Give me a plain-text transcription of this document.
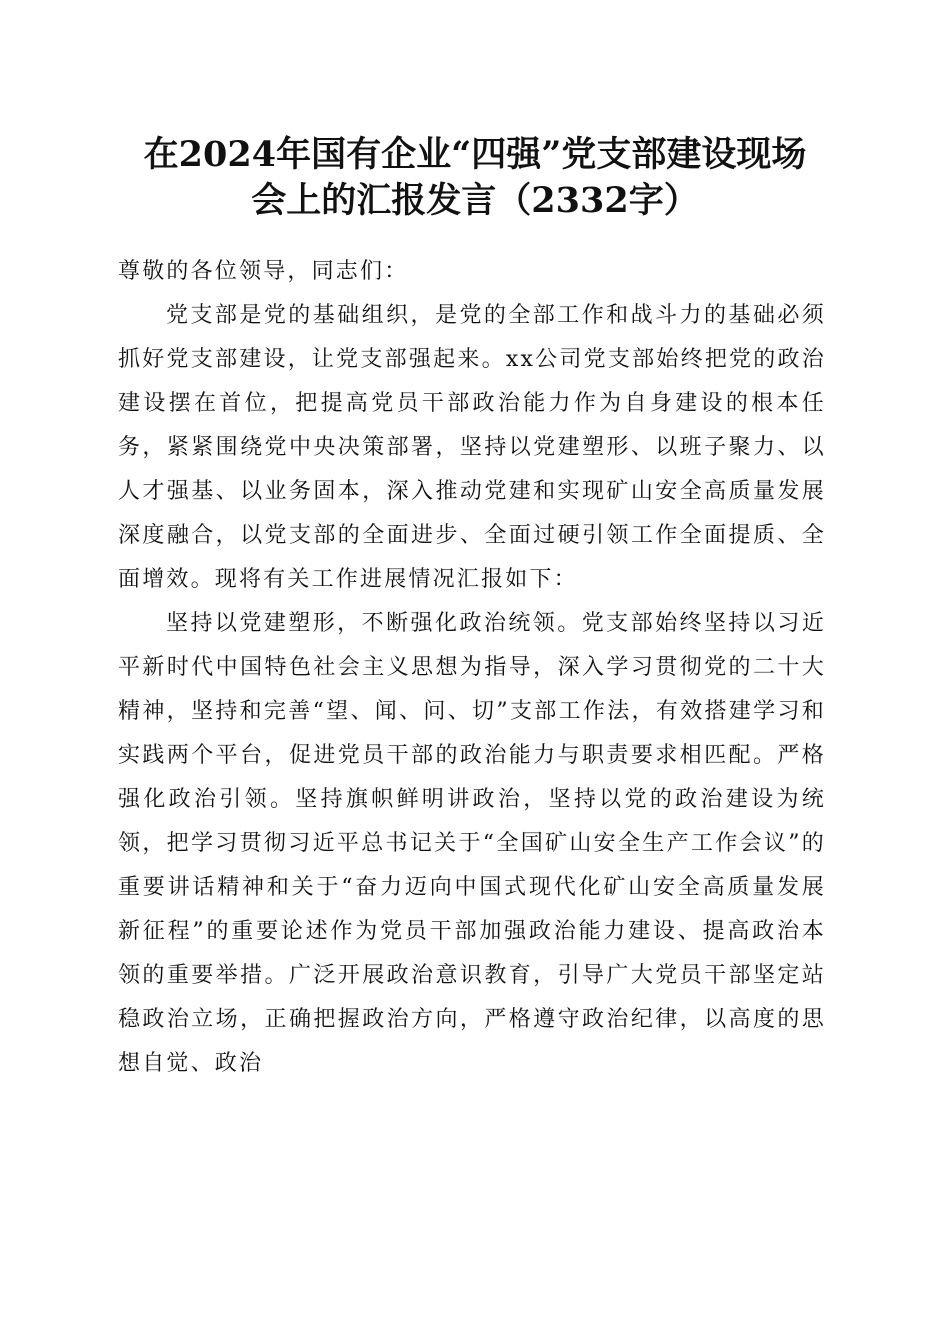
在2024年国有企业“四强”党支部建设现场
会上的汇报发言（2332字）

尊敬的各位领导，同志们：

党支部是党的基础组织，是党的全部工作和战斗力的基础必须抓好党支部建设，让党支部强起来。xx公司党支部始终把党的政治建设摆在首位，把提高党员干部政治能力作为自身建设的根本任务，紧紧围绕党中央决策部署，坚持以党建塑形、以班子聚力、以人才强基、以业务固本，深入推动党建和实现矿山安全高质量发展深度融合，以党支部的全面进步、全面过硬引领工作全面提质、全面增效。现将有关工作进展情况汇报如下：

坚持以党建塑形，不断强化政治统领。党支部始终坚持以习近平新时代中国特色社会主义思想为指导，深入学习贯彻党的二十大精神，坚持和完善“望、闻、问、切”支部工作法，有效搭建学习和实践两个平台，促进党员干部的政治能力与职责要求相匹配。严格强化政治引领。坚持旗帜鲜明讲政治，坚持以党的政治建设为统领，把学习贯彻习近平总书记关于“全国矿山安全生产工作会议”的重要讲话精神和关于“奋力迈向中国式现代化矿山安全高质量发展新征程”的重要论述作为党员干部加强政治能力建设、提高政治本领的重要举措。广泛开展政治意识教育，引导广大党员干部坚定站稳政治立场，正确把握政治方向，严格遵守政治纪律，以高度的思想自觉、政治
